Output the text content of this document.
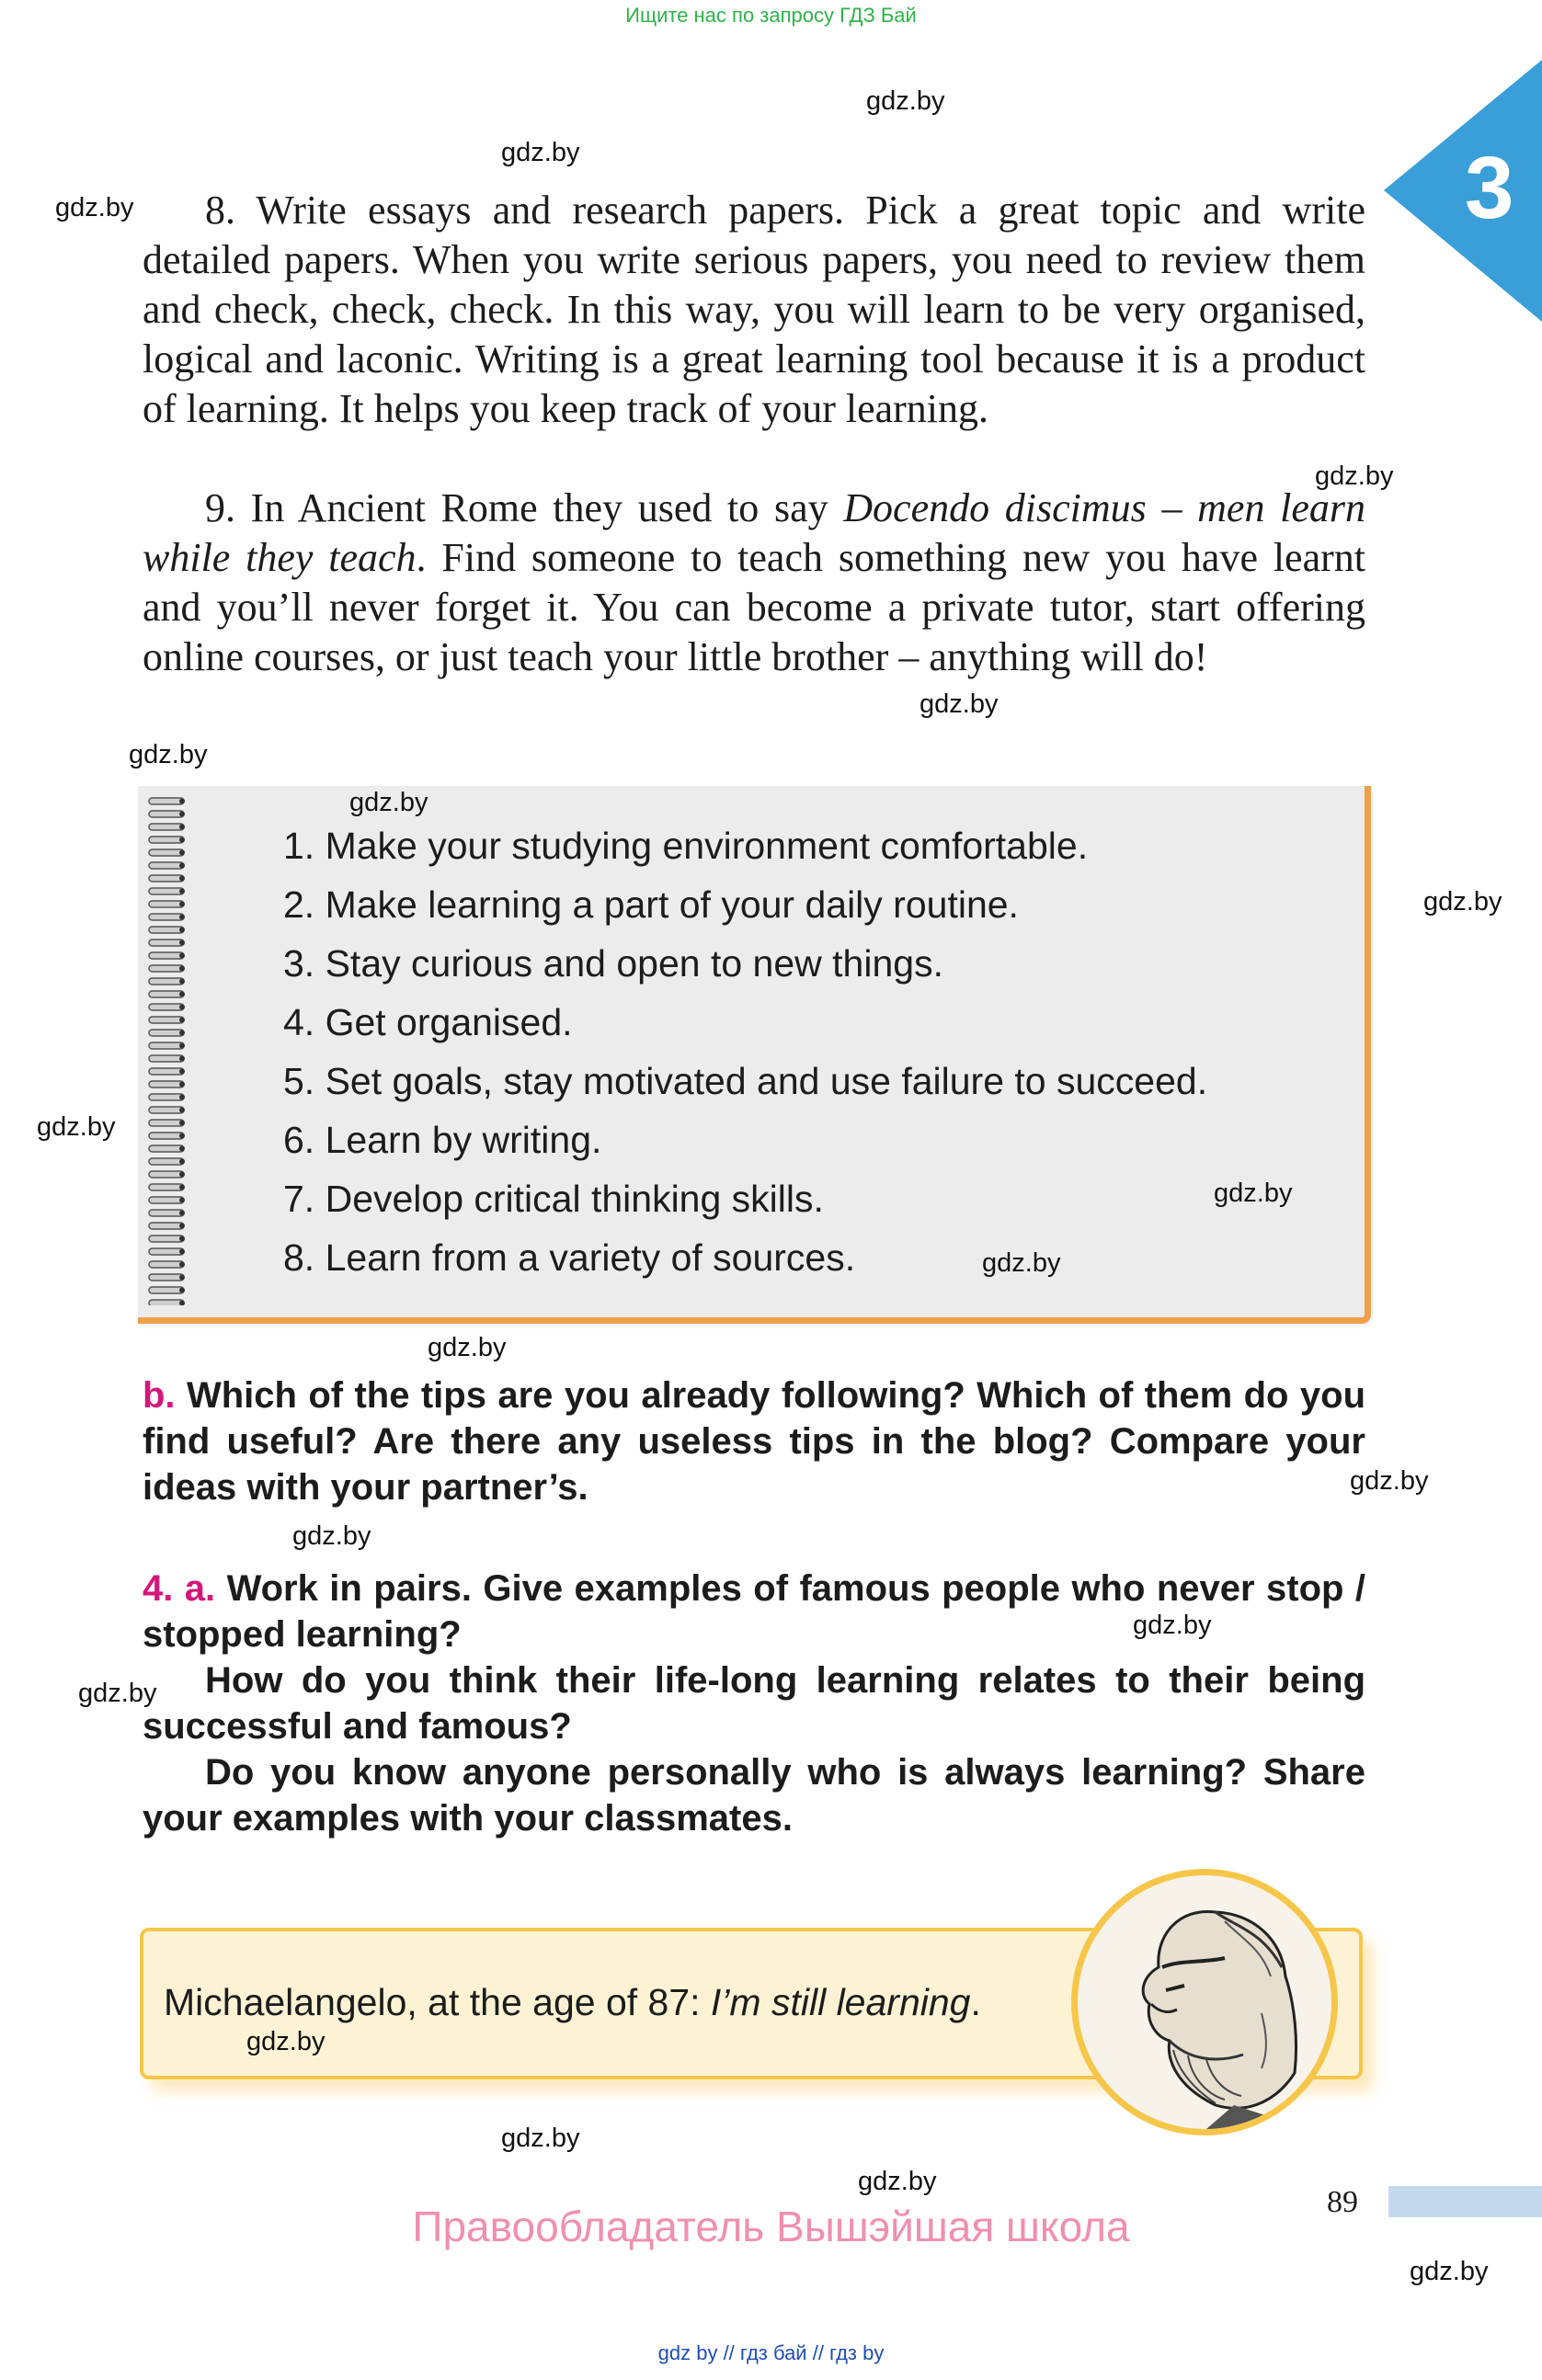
Ищите нас по запросу ГДЗ Бай
3
gdz.by
gdz.by
gdz.by	8. Write essays and research papers. Pick a great topic and write detailed papers. When you write serious papers, you need to review them and check, check, check. In this way, you will learn to be very organised, logical and laconic. Writing is a great learning tool because it is a product of learning. It helps you keep track of your learning.

gdz.by

9. In Ancient Rome they used to say Docendo discimus – men learn while they teach. Find someone to teach something new you have learnt and you’ll never forget it. You can become a private tutor, start offering online courses, or just teach your little brother – anything will do!

gdz.by
gdz.by
gdz.by
1. Make your studying environment comfortable.
2. Make learning a part of your daily routine.
3. Stay curious and open to new things.
4. Get organised.
5. Set goals, stay motivated and use failure to succeed.
6. Learn by writing.
7. Develop critical thinking skills.
8. Learn from a variety of sources.
gdz.by
gdz.by
gdz.by
gdz.by
gdz.by

b. Which of the tips are you already following? Which of them do you find useful? Are there any useless tips in the blog? Compare your ideas with your partner’s.	gdz.by
gdz.by

4. a. Work in pairs. Give examples of famous people who never stop / stopped learning?

How do you think their life-long learning relates to their being successful and famous?

Do you know anyone personally who is always learning? Share your examples with your classmates.

gdz.by
gdz.by
Michaelangelo, at the age of 87: I’m still learning.
gdz.by
gdz.by
gdz.by
89
Правообладатель Вышэйшая школа
gdz.by
gdz by // гдз бай // гдз by
